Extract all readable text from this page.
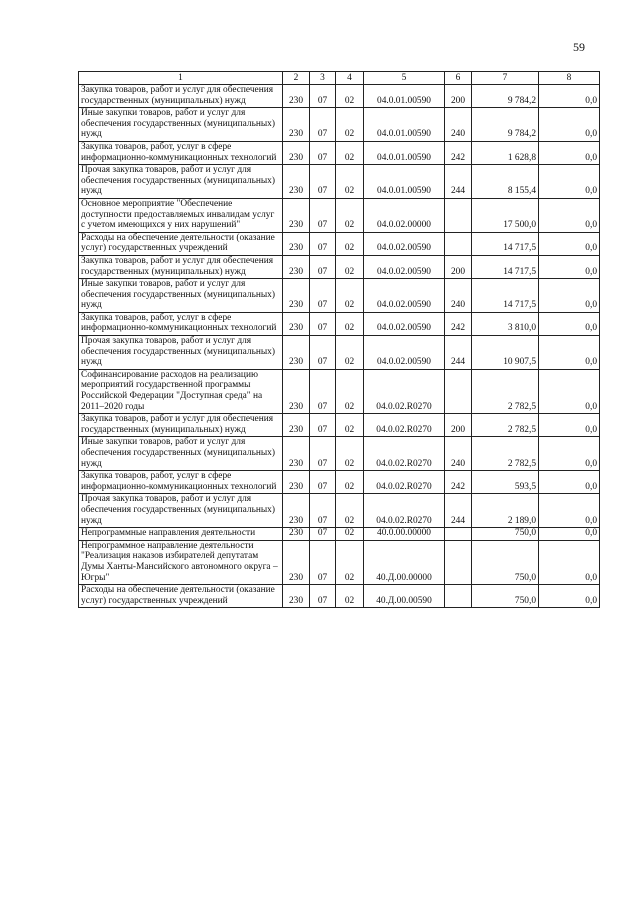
59
1	2	3	4	5	6	7	8
Закупка товаров, работ и услуг для обеспечения государственных (муниципальных) нужд	230	07	02	04.0.01.00590	200	9 784,2	0,0
Иные закупки товаров, работ и услуг для обеспечения государственных (муниципальных) нужд	230	07	02	04.0.01.00590	240	9 784,2	0,0
Закупка товаров, работ, услуг в сфере информационно-коммуникационных технологий	230	07	02	04.0.01.00590	242	1 628,8	0,0
Прочая закупка товаров, работ и услуг для обеспечения государственных (муниципальных) нужд	230	07	02	04.0.01.00590	244	8 155,4	0,0
Основное мероприятие "Обеспечение доступности предоставляемых инвалидам услуг с учетом имеющихся у них нарушений"	230	07	02	04.0.02.00000		17 500,0	0,0
Расходы на обеспечение деятельности (оказание услуг) государственных учреждений	230	07	02	04.0.02.00590		14 717,5	0,0
Закупка товаров, работ и услуг для обеспечения государственных (муниципальных) нужд	230	07	02	04.0.02.00590	200	14 717,5	0,0
Иные закупки товаров, работ и услуг для обеспечения государственных (муниципальных) нужд	230	07	02	04.0.02.00590	240	14 717,5	0,0
Закупка товаров, работ, услуг в сфере информационно-коммуникационных технологий	230	07	02	04.0.02.00590	242	3 810,0	0,0
Прочая закупка товаров, работ и услуг для обеспечения государственных (муниципальных) нужд	230	07	02	04.0.02.00590	244	10 907,5	0,0
Софинансирование расходов на реализацию мероприятий государственной программы Российской Федерации "Доступная среда" на 2011–2020 годы	230	07	02	04.0.02.R0270		2 782,5	0,0
Закупка товаров, работ и услуг для обеспечения государственных (муниципальных) нужд	230	07	02	04.0.02.R0270	200	2 782,5	0,0
Иные закупки товаров, работ и услуг для обеспечения государственных (муниципальных) нужд	230	07	02	04.0.02.R0270	240	2 782,5	0,0
Закупка товаров, работ, услуг в сфере информационно-коммуникационных технологий	230	07	02	04.0.02.R0270	242	593,5	0,0
Прочая закупка товаров, работ и услуг для обеспечения государственных (муниципальных) нужд	230	07	02	04.0.02.R0270	244	2 189,0	0,0
Непрограммные направления деятельности	230	07	02	40.0.00.00000		750,0	0,0
Непрограммное направление деятельности "Реализация наказов избирателей депутатам Думы Ханты-Мансийского автономного округа – Югры"	230	07	02	40.Д.00.00000		750,0	0,0
Расходы на обеспечение деятельности (оказание услуг) государственных учреждений	230	07	02	40.Д.00.00590		750,0	0,0
